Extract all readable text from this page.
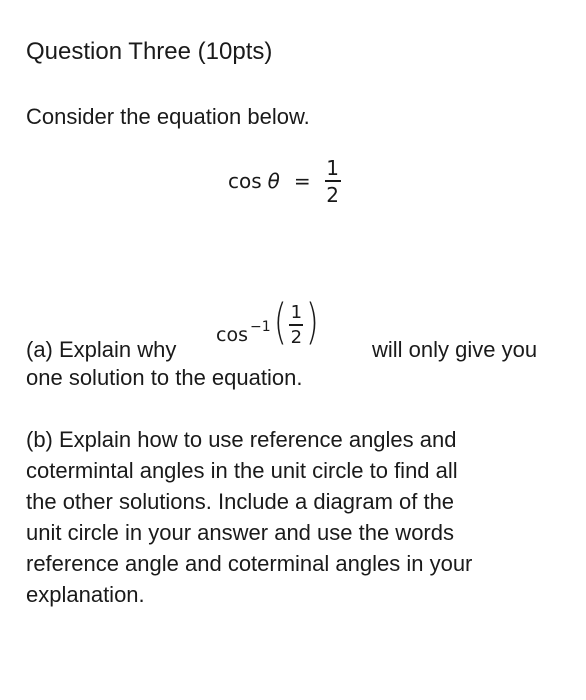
Question Three (10pts)
Consider the equation below.
$\cos \theta = \frac{1}{2}$
(a) Explain why
cos −1 ( $\frac{1}{2}$ ) will only give you
one solution to the equation.
(b) Explain how to use reference angles and
cotermintal angles in the unit circle to find all
the other solutions. Include a diagram of the
unit circle in your answer and use the words
reference angle and coterminal angles in your
explanation.
